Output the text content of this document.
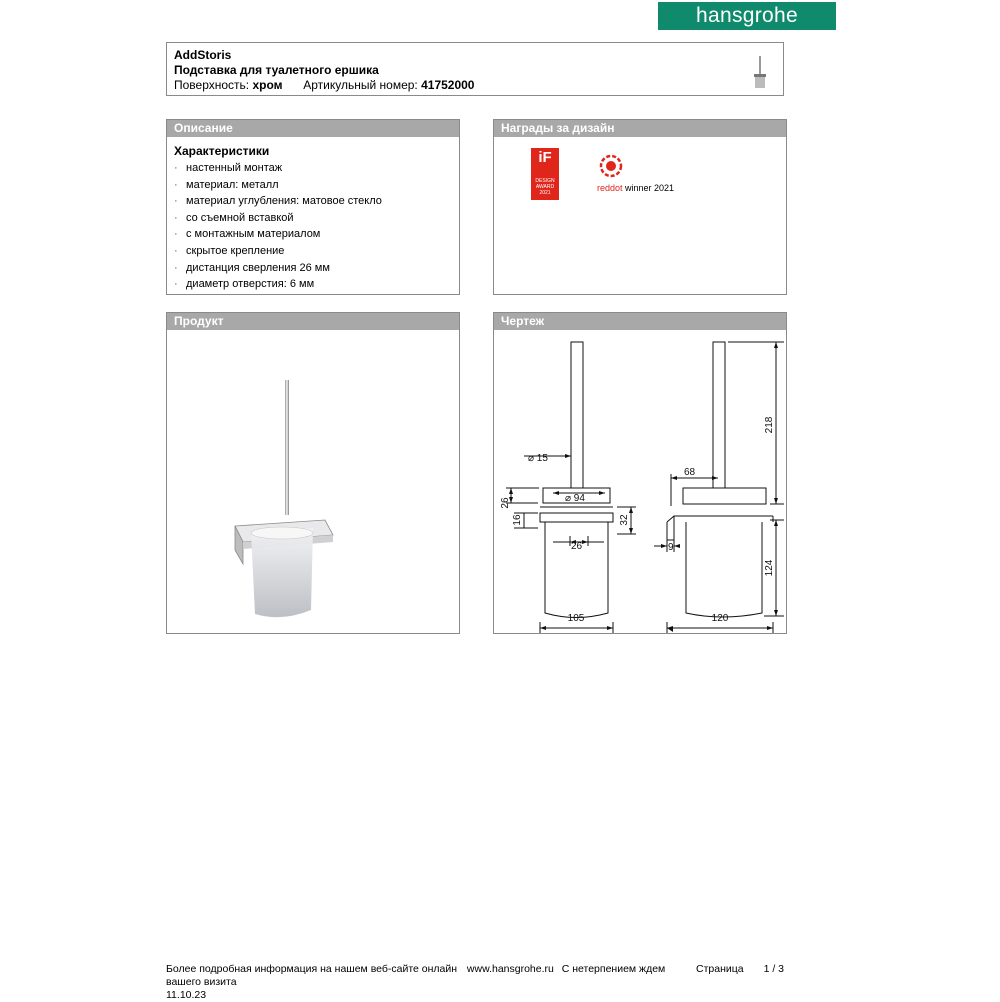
hansgrohe
AddStoris
Подставка для туалетного ершика
Поверхность: хром Артикульный номер: 41752000
Описание
Характеристики
· настенный монтаж
· материал: металл
· материал углубления: матовое стекло
· со съемной вставкой
· с монтажным материалом
· скрытое крепление
· дистанция сверления 26 мм
· диаметр отверстия: 6 мм
Награды за дизайн
iF
DESIGN
AWARD
2021	reddot winner 2021
Продукт	Чертеж
⌀ 15
⌀ 94
26
16	32
26
105
68
218
9
124
120
Более подробная информация на нашем веб-сайте онлайн www.hansgrohe.ru С нетерпением ждем
вашего визита
11.10.23
Страница 1 / 3
